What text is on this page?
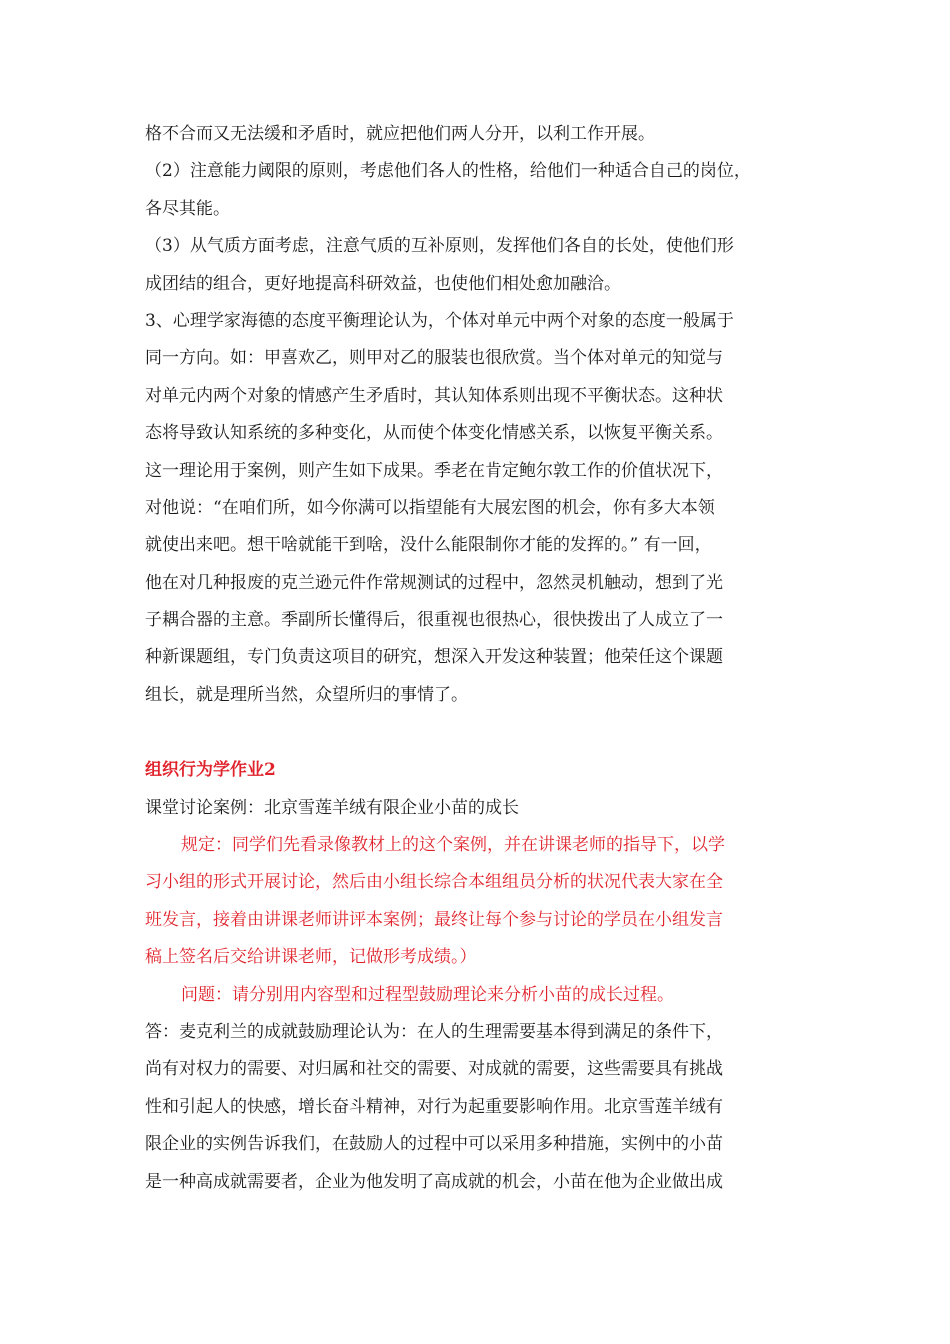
格不合而又无法缓和矛盾时，就应把他们两人分开，以利工作开展。
（2）注意能力阈限的原则，考虑他们各人的性格，给他们一种适合自己的岗位，
各尽其能。
（3）从气质方面考虑，注意气质的互补原则，发挥他们各自的长处，使他们形
成团结的组合，更好地提高科研效益，也使他们相处愈加融洽。
3、心理学家海德的态度平衡理论认为，个体对单元中两个对象的态度一般属于
同一方向。如：甲喜欢乙，则甲对乙的服装也很欣赏。当个体对单元的知觉与
对单元内两个对象的情感产生矛盾时，其认知体系则出现不平衡状态。这种状
态将导致认知系统的多种变化，从而使个体变化情感关系，以恢复平衡关系。
这一理论用于案例，则产生如下成果。季老在肯定鲍尔敦工作的价值状况下，
对他说：“在咱们所，如今你满可以指望能有大展宏图的机会，你有多大本领
就使出来吧。想干啥就能干到啥，没什么能限制你才能的发挥的。” 有一回，
他在对几种报废的克兰逊元件作常规测试的过程中，忽然灵机触动，想到了光
子耦合器的主意。季副所长懂得后，很重视也很热心，很快拨出了人成立了一
种新课题组，专门负责这项目的研究，想深入开发这种装置；他荣任这个课题
组长，就是理所当然，众望所归的事情了。
组织行为学作业2
课堂讨论案例：北京雪莲羊绒有限企业小苗的成长
规定：同学们先看录像教材上的这个案例，并在讲课老师的指导下，以学
习小组的形式开展讨论，然后由小组长综合本组组员分析的状况代表大家在全
班发言，接着由讲课老师讲评本案例；最终让每个参与讨论的学员在小组发言
稿上签名后交给讲课老师，记做形考成绩。）
问题：请分别用内容型和过程型鼓励理论来分析小苗的成长过程。
答：麦克利兰的成就鼓励理论认为：在人的生理需要基本得到满足的条件下，
尚有对权力的需要、对归属和社交的需要、对成就的需要，这些需要具有挑战
性和引起人的快感，增长奋斗精神，对行为起重要影响作用。北京雪莲羊绒有
限企业的实例告诉我们，在鼓励人的过程中可以采用多种措施，实例中的小苗
是一种高成就需要者，企业为他发明了高成就的机会，小苗在他为企业做出成
